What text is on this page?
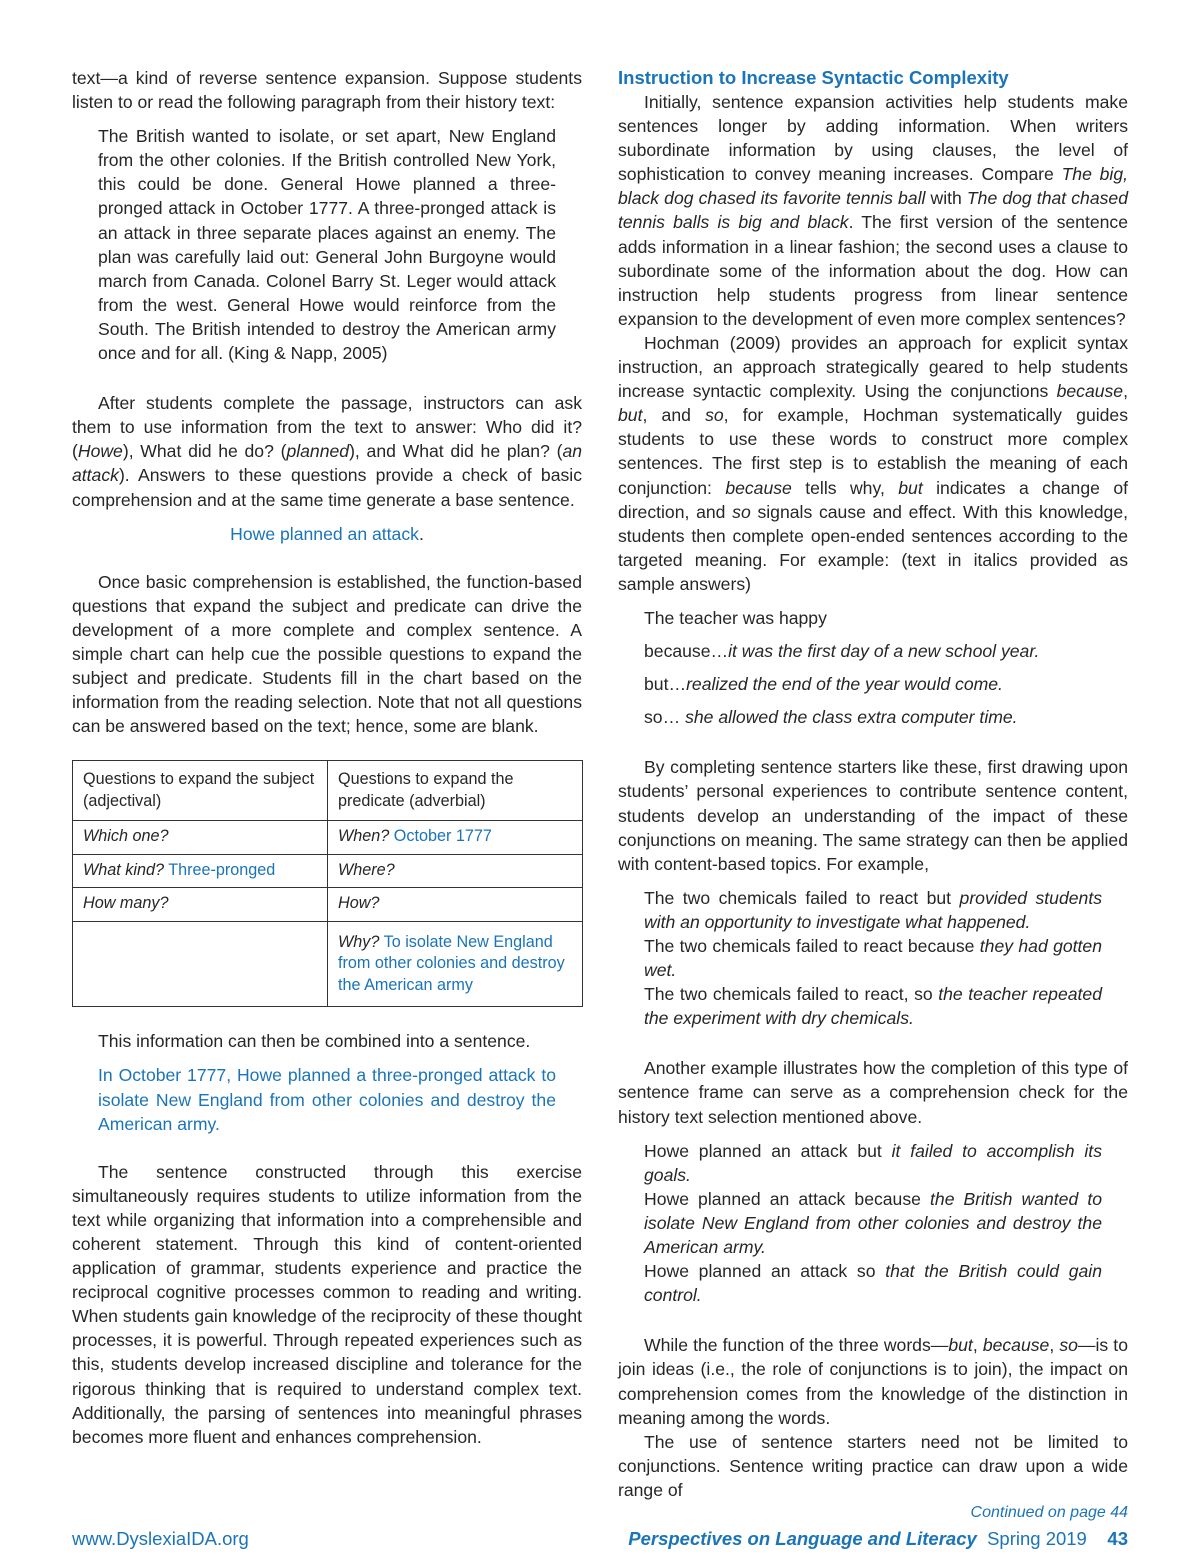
text—a kind of reverse sentence expansion. Suppose students listen to or read the following paragraph from their history text:

The British wanted to isolate, or set apart, New England from the other colonies. If the British controlled New York, this could be done. General Howe planned a three-pronged attack in October 1777. A three-pronged attack is an attack in three separate places against an enemy. The plan was carefully laid out: General John Burgoyne would march from Canada. Colonel Barry St. Leger would attack from the west. General Howe would reinforce from the South. The British intended to destroy the American army once and for all. (King & Napp, 2005)

After students complete the passage, instructors can ask them to use information from the text to answer: Who did it? (Howe), What did he do? (planned), and What did he plan? (an attack). Answers to these questions provide a check of basic comprehension and at the same time generate a base sentence.

Howe planned an attack.

Once basic comprehension is established, the function-based questions that expand the subject and predicate can drive the development of a more complete and complex sentence. A simple chart can help cue the possible questions to expand the subject and predicate. Students fill in the chart based on the information from the reading selection. Note that not all questions can be answered based on the text; hence, some are blank.

Questions to expand the subject (adjectival)	Questions to expand the predicate (adverbial)
Which one?	When? October 1777
What kind? Three-pronged	Where?
How many?	How?
	Why? To isolate New England from other colonies and destroy the American army

This information can then be combined into a sentence.

In October 1777, Howe planned a three-pronged attack to isolate New England from other colonies and destroy the American army.

The sentence constructed through this exercise simultaneously requires students to utilize information from the text while organizing that information into a comprehensible and coherent statement. Through this kind of content-oriented application of grammar, students experience and practice the reciprocal cognitive processes common to reading and writing. When students gain knowledge of the reciprocity of these thought processes, it is powerful. Through repeated experiences such as this, students develop increased discipline and tolerance for the rigorous thinking that is required to understand complex text. Additionally, the parsing of sentences into meaningful phrases becomes more fluent and enhances comprehension.

Instruction to Increase Syntactic Complexity

Initially, sentence expansion activities help students make sentences longer by adding information. When writers subordinate information by using clauses, the level of sophistication to convey meaning increases. Compare The big, black dog chased its favorite tennis ball with The dog that chased tennis balls is big and black. The first version of the sentence adds information in a linear fashion; the second uses a clause to subordinate some of the information about the dog. How can instruction help students progress from linear sentence expansion to the development of even more complex sentences?

Hochman (2009) provides an approach for explicit syntax instruction, an approach strategically geared to help students increase syntactic complexity. Using the conjunctions because, but, and so, for example, Hochman systematically guides students to use these words to construct more complex sentences. The first step is to establish the meaning of each conjunction: because tells why, but indicates a change of direction, and so signals cause and effect. With this knowledge, students then complete open-ended sentences according to the targeted meaning. For example: (text in italics provided as sample answers)

The teacher was happy

because…it was the first day of a new school year.

but…realized the end of the year would come.

so… she allowed the class extra computer time.

By completing sentence starters like these, first drawing upon students’ personal experiences to contribute sentence content, students develop an understanding of the impact of these conjunctions on meaning. The same strategy can then be applied with content-based topics. For example,

The two chemicals failed to react but provided students with an opportunity to investigate what happened.

The two chemicals failed to react because they had gotten wet.

The two chemicals failed to react, so the teacher repeated the experiment with dry chemicals.

Another example illustrates how the completion of this type of sentence frame can serve as a comprehension check for the history text selection mentioned above.

Howe planned an attack but it failed to accomplish its goals.

Howe planned an attack because the British wanted to isolate New England from other colonies and destroy the American army.

Howe planned an attack so that the British could gain control.

While the function of the three words—but, because, so—is to join ideas (i.e., the role of conjunctions is to join), the impact on comprehension comes from the knowledge of the distinction in meaning among the words.

The use of sentence starters need not be limited to conjunctions. Sentence writing practice can draw upon a wide range of

Continued on page 44

www.DyslexiaIDA.org	Perspectives on Language and Literacy Spring 2019 43
